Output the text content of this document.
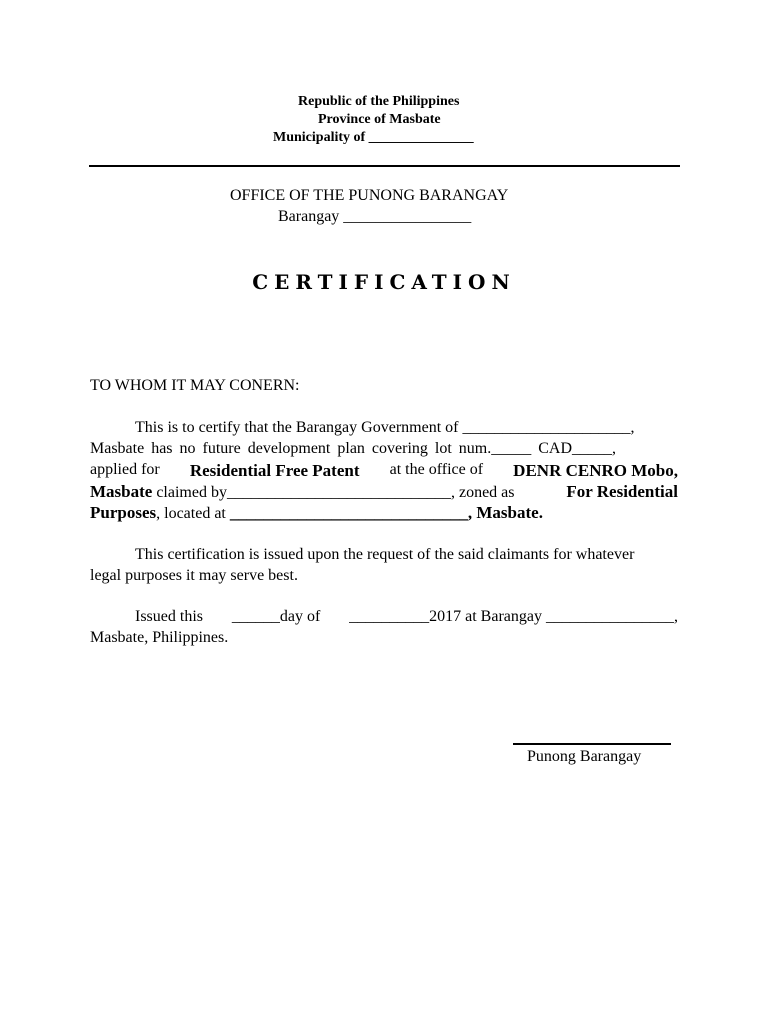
Republic of the Philippines
Province of Masbate
Municipality of _______________
OFFICE OF THE PUNONG BARANGAY
Barangay ________________
CERTIFICATION
TO WHOM IT MAY CONERN:
This is to certify that the Barangay Government of _____________________,
Masbate has no future development plan covering lot num._____ CAD_____,
applied for Residential Free Patent at the office of DENR CENRO Mobo,
Masbate claimed by____________________________, zoned as	For Residential
Purposes, located at ____________________________, Masbate.
This certification is issued upon the request of the said claimants for whatever
legal purposes it may serve best.
Issued this ______day of __________2017 at Barangay ________________,
Masbate, Philippines.
Punong Barangay
